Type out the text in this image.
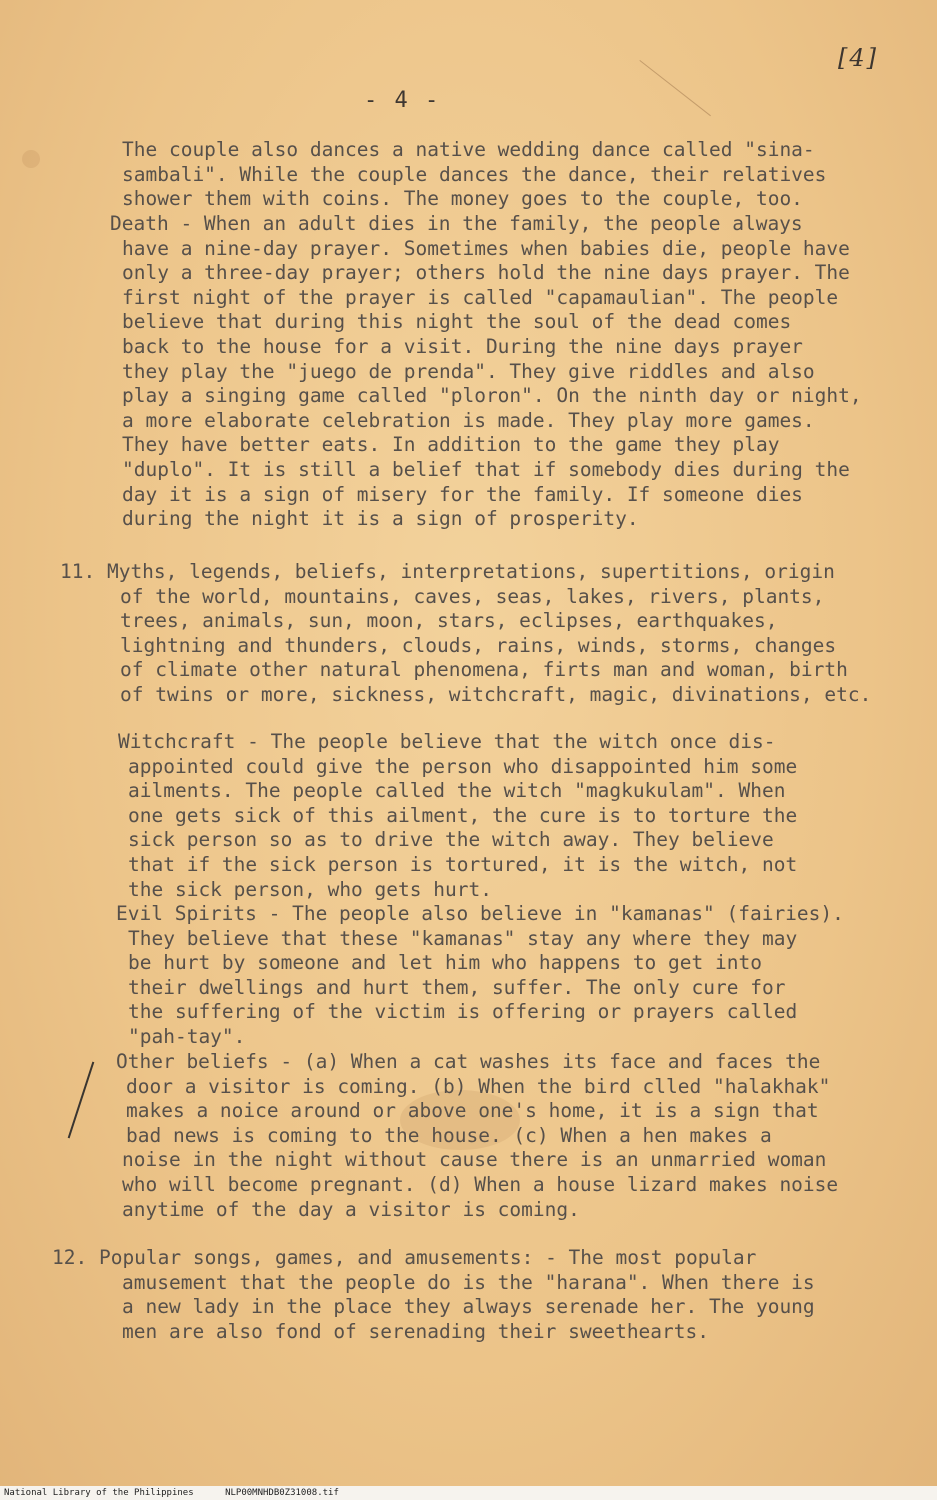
[4]
- 4 -
The couple also dances a native wedding dance called "sina-
sambali". While the couple dances the dance, their relatives
shower them with coins. The money goes to the couple, too.
Death - When an adult dies in the family, the people always
have a nine-day prayer. Sometimes when babies die, people have
only a three-day prayer; others hold the nine days prayer. The
first night of the prayer is called "capamaulian". The people
believe that during this night the soul of the dead comes
back to the house for a visit. During the nine days prayer
they play the "juego de prenda". They give riddles and also
play a singing game called "ploron". On the ninth day or night,
a more elaborate celebration is made. They play more games.
They have better eats. In addition to the game they play
"duplo". It is still a belief that if somebody dies during the
day it is a sign of misery for the family. If someone dies
during the night it is a sign of prosperity.
11. Myths, legends, beliefs, interpretations, supertitions, origin
of the world, mountains, caves, seas, lakes, rivers, plants,
trees, animals, sun, moon, stars, eclipses, earthquakes,
lightning and thunders, clouds, rains, winds, storms, changes
of climate other natural phenomena, firts man and woman, birth
of twins or more, sickness, witchcraft, magic, divinations, etc.
Witchcraft - The people believe that the witch once dis-
appointed could give the person who disappointed him some
ailments. The people called the witch "magkukulam". When
one gets sick of this ailment, the cure is to torture the
sick person so as to drive the witch away. They believe
that if the sick person is tortured, it is the witch, not
the sick person, who gets hurt.
Evil Spirits - The people also believe in "kamanas" (fairies).
They believe that these "kamanas" stay any where they may
be hurt by someone and let him who happens to get into
their dwellings and hurt them, suffer. The only cure for
the suffering of the victim is offering or prayers called
"pah-tay".
Other beliefs - (a) When a cat washes its face and faces the
door a visitor is coming. (b) When the bird clled "halakhak"
makes a noice around or above one's home, it is a sign that
bad news is coming to the house. (c) When a hen makes a
noise in the night without cause there is an unmarried woman
who will become pregnant. (d) When a house lizard makes noise
anytime of the day a visitor is coming.
12. Popular songs, games, and amusements: - The most popular
amusement that the people do is the "harana". When there is
a new lady in the place they always serenade her. The young
men are also fond of serenading their sweethearts.
National Library of the Philippines	NLP00MNHDB0Z31008.tif
